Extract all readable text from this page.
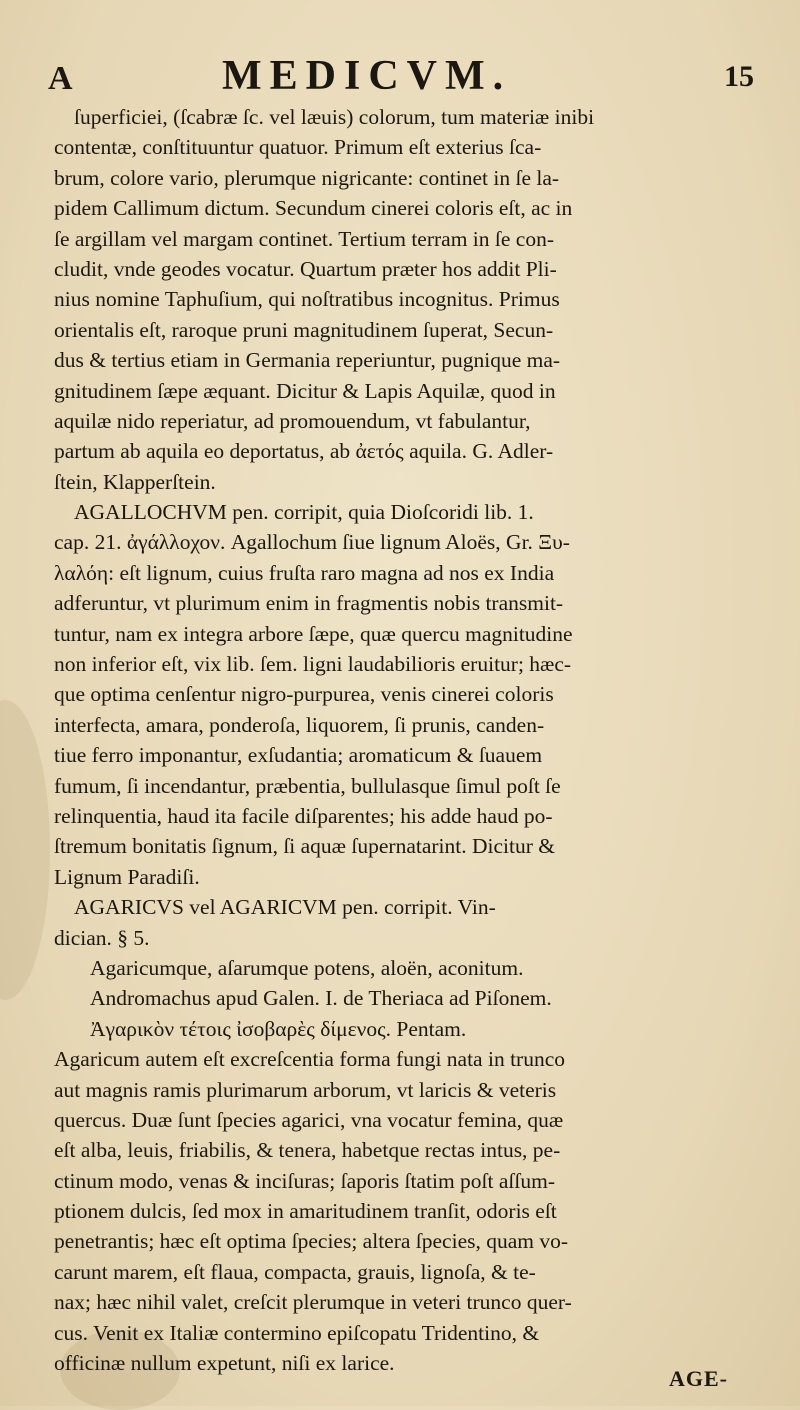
A	MEDICVM.	15
ſuperficiei, (ſcabræ ſc. vel læuis) colorum, tum materiæ inibi
contentæ, conſtituuntur quatuor. Primum eſt exterius ſca-
brum, colore vario, plerumque nigricante: continet in ſe la-
pidem Callimum dictum. Secundum cinerei coloris eſt, ac in
ſe argillam vel margam continet. Tertium terram in ſe con-
cludit, vnde geodes vocatur. Quartum præter hos addit Pli-
nius nomine Taphuſium, qui noſtratibus incognitus. Primus
orientalis eſt, raroque pruni magnitudinem ſuperat, Secun-
dus & tertius etiam in Germania reperiuntur, pugnique ma-
gnitudinem ſæpe æquant. Dicitur & Lapis Aquilæ, quod in
aquilæ nido reperiatur, ad promouendum, vt fabulantur,
partum ab aquila eo deportatus, ab ἀετός aquila. G. Adler-
ſtein, Klapperſtein.
AGALLOCHVM pen. corripit, quia Dioſcoridi lib. 1.
cap. 21. ἀγάλλοχον. Agallochum ſiue lignum Aloës, Gr. Ξυ-
λαλόη: eſt lignum, cuius fruſta raro magna ad nos ex India
adferuntur, vt plurimum enim in fragmentis nobis transmit-
tuntur, nam ex integra arbore ſæpe, quæ quercu magnitudine
non inferior eſt, vix lib. ſem. ligni laudabilioris eruitur; hæc-
que optima cenſentur nigro-purpurea, venis cinerei coloris
interfecta, amara, ponderoſa, liquorem, ſi prunis, canden-
tiue ferro imponantur, exſudantia; aromaticum & ſuauem
fumum, ſi incendantur, præbentia, bullulasque ſimul poſt ſe
relinquentia, haud ita facile diſparentes; his adde haud po-
ſtremum bonitatis ſignum, ſi aquæ ſupernatarint. Dicitur &
Lignum Paradiſi.
AGARICVS vel AGARICVM pen. corripit. Vin-
dician. § 5.
Agaricumque, aſarumque potens, aloën, aconitum.
Andromachus apud Galen. I. de Theriaca ad Piſonem.
Ἀγαρικὸν τέτοις ἰσοβαρὲς δίμενος. Pentam.
Agaricum autem eſt excreſcentia forma fungi nata in trunco
aut magnis ramis plurimarum arborum, vt laricis & veteris
quercus. Duæ ſunt ſpecies agarici, vna vocatur femina, quæ
eſt alba, leuis, friabilis, & tenera, habetque rectas intus, pe-
ctinum modo, venas & inciſuras; ſaporis ſtatim poſt aſſum-
ptionem dulcis, ſed mox in amaritudinem tranſit, odoris eſt
penetrantis; hæc eſt optima ſpecies; altera ſpecies, quam vo-
carunt marem, eſt flaua, compacta, grauis, lignoſa, & te-
nax; hæc nihil valet, creſcit plerumque in veteri trunco quer-
cus. Venit ex Italiæ contermino epiſcopatu Tridentino, &
officinæ nullum expetunt, niſi ex larice.
AGE-
